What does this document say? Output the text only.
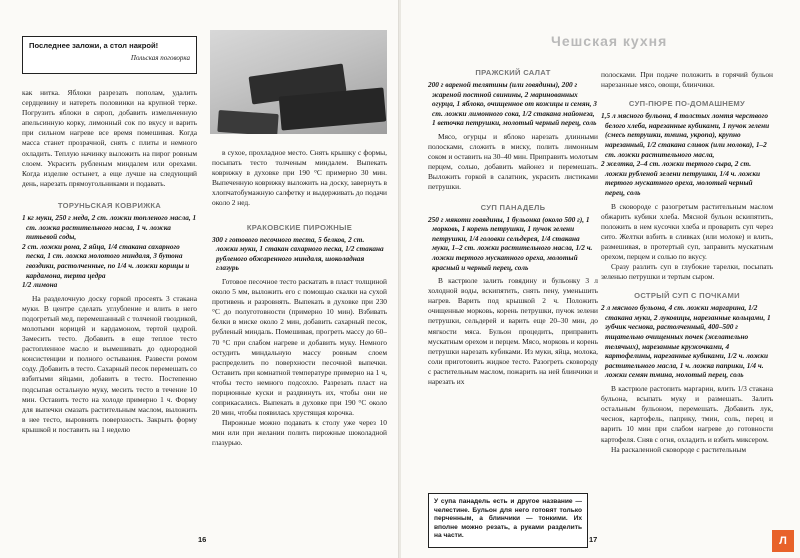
Последнее заложи, а стол накрой!
Польская поговорка

как нитка. Яблоки разрезать пополам, удалить сердцевину и натереть половинки на крупной терке. Погрузить яблоки в сироп, добавить измельченную апельсинную корку, лимонный сок по вкусу и варить при сильном нагреве все время помешивая. Когда масса станет прозрачной, снять с плиты и немного охладить. Теплую начинку выложить на пирог ровным слоем. Украсить рубленым миндалем или орехами. Когда изделие остынет, а еще лучше на следующий день, нарезать прямоугольниками и подавать.

ТОРУНЬСКАЯ КОВРИЖКА
1 кг муки, 250 г меда, 2 ст. ложки топленого масла, 1 ст. ложка растительного масла, 1 ч. ложка питьевой соды,
2 ст. ложки рома, 2 яйца, 1/4 стакана сахарного песка, 1 ст. ложка молотого миндаля, 3 бутона гвоздики, растолченные, по 1/4 ч. ложки корицы и кардамона, терта цедра
1/2 лимона

На разделочную доску горкой просеять 3 стакана муки. В центре сделать углубление и влить в него подогретый мед, перемешанный с толченой гвоздикой, молотыми корицей и кардамоном, тертой цедрой. Замесить тесто. Добавить в еще теплое тесто растопленное масло и вымешивать до однородной консистенции и полного остывания. Развести ромом соду. Добавить в тесто. Сахарный песок перемешать со взбитыми яйцами, добавить в тесто. Постепенно подсыпая остальную муку, месить тесто в течение 10 мин. Оставить тесто на холоде примерно 1 ч. Форму для выпечки смазать растительным маслом, выложить в нее тесто, выровнять поверхность. Закрыть форму крышкой и поставить на 1 неделю

в сухое, прохладное место. Снять крышку с формы, посыпать тесто толченым миндалем. Выпекать коврижку в духовке при 190 °С примерно 30 мин. Выпеченную коврижку выложить на доску, завернуть в хлопчатобумажную салфетку и выдерживать до подачи около 2 нед.

КРАКОВСКИЕ ПИРОЖНЫЕ
300 г готового песочного теста, 5 белков, 2 ст. ложки муки, 1 стакан сахарного песка, 1/2 стакана рубленого обжаренного миндаля, шоколадная глазурь

Готовое песочное тесто раскатать в пласт толщиной около 5 мм, выложить его с помощью скалки на сухой противень и разровнять. Выпекать в духовке при 230 °С до полуготовности (примерно 10 мин). Взбивать белки в миске около 2 мин, добавить сахарный песок, рубленый миндаль. Помешивая, прогреть массу до 60–70 °С при слабом нагреве и добавить муку. Немного остудить миндальную массу ровным слоем распределить по поверхности песочной выпечки. Оставить при комнатной температуре примерно на 1 ч, чтобы тесто немного подсохло. Разрезать пласт на порционные куски и раздвинуть их, чтобы они не соприкасались. Выпекать в духовке при 190 °С около 20 мин, чтобы появилась хрустящая корочка.

Пирожные можно подавать к столу уже через 10 мин или при желании полить пирожные шоколадной глазурью.

16
Чешская кухня
ПРАЖСКИЙ САЛАТ
200 г вареной телятины (или говядины), 200 г жареной постной свинины, 2 маринованных огурца, 1 яблоко, очищенное от кожицы и семян, 3 ст. ложки лимонного сока, 1/2 стакана майонеза, 1 веточка петрушки, молотый черный перец, соль

Мясо, огурцы и яблоко нарезать длинными полосками, сложить в миску, полить лимонным соком и оставить на 30–40 мин. Приправить молотым перцем, солью, добавить майонез и перемешать. Выложить горкой в салатник, украсить листиками петрушки.

СУП ПАНАДЕЛЬ
250 г мякоти говядины, 1 бульонка (около 500 г), 1 морковь, 1 корень петрушки, 1 пучок зелени петрушки, 1/4 головки сельдерея, 1/4 стакана муки, 1–2 ст. ложки растительного масла, 1/2 ч. ложки тертого мускатного ореха, молотый красный и черный перец, соль

В кастрюле залить говядину и бульонку 3 л холодной воды, вскипятить, снять пену, уменьшить нагрев. Варить под крышкой 2 ч. Положить очищенные морковь, корень петрушки, пучок зелени петрушки, сельдерей и варить еще 20–30 мин, до мягкости мяса. Бульон процедить, приправить мускатным орехом и перцем. Мясо, морковь и корень петрушки нарезать кубиками. Из муки, яйца, молока, соли приготовить жидкое тесто. Разогреть сковороду с растительным маслом, пожарить на ней блинчики и нарезать их

полосками. При подаче положить в горячий бульон нарезанные мясо, овощи, блинчики.

СУП-ПЮРЕ ПО-ДОМАШНЕМУ
1,5 л мясного бульона, 4 толстых ломтя черствого белого хлеба, нарезанные кубиками, 1 пучок зелени (смесь петрушки, тмина, укропа), крупно нарезанный, 1/2 стакана сливок (или молока), 1–2 ст. ложки растительного масла,
2 желтка, 2–4 ст. ложки тертого сыра, 2 ст. ложки рубленой зелени петрушки, 1/4 ч. ложки тертого мускатного ореха, молотый черный перец, соль

В сковороде с разогретым растительным маслом обжарить кубики хлеба. Мясной бульон вскипятить, положить в нем кусочки хлеба и проварить суп через сито. Желтки взбить в сливках (или молоке) и влить, размешивая, в протертый суп, заправить мускатным орехом, перцем и солью по вкусу.

Сразу разлить суп в глубокие тарелки, посыпать зеленью петрушки и тертым сыром.

ОСТРЫЙ СУП С ПОЧКАМИ
2 л мясного бульона, 4 ст. ложки маргарина, 1/2 стакана муки, 2 луковицы, нарезанные кольцами, 1 зубчик чеснока, растолченный, 400–500 г тщательно очищенных почек (желательно телячьих), нарезанные кружочками, 4 картофелины, нарезанные кубиками, 1/2 ч. ложки растительного масла, 1 ч. ложка паприки, 1/4 ч. ложки семян тмина, молотый перец, соль

В кастрюле растопить маргарин, влить 1/3 стакана бульона, всыпать муку и размешать. Залить остальным бульоном, перемешать. Добавить лук, чеснок, картофель, паприку, тмин, соль, перец и варить 10 мин при слабом нагреве до готовности картофеля. Сняв с огня, охладить и взбить миксером.

На раскаленной сковороде с растительным

17
У супа панадель есть и другое название — челестине. Бульон для него готовят только перченным, а блинчики — тонкими. Их вполне можно резать, а руками разделить на части.	Л
